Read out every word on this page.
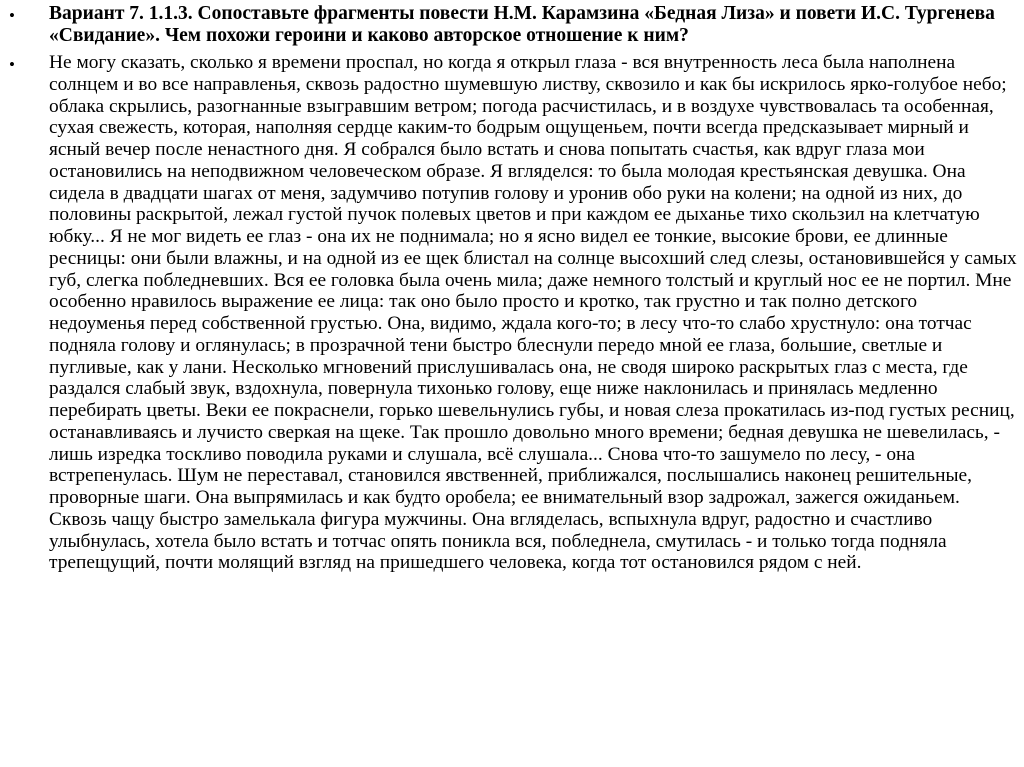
• Вариант 7. 1.1.3. Сопоставьте фрагменты повести Н.М. Карамзина «Бедная Лиза» и повети И.С. Тургенева «Свидание». Чем похожи героини и каково авторское отношение к ним?

• Не могу сказать, сколько я времени проспал, но когда я открыл глаза - вся внутренность леса была наполнена солнцем и во все направленья, сквозь радостно шумевшую листву, сквозило и как бы искрилось ярко-голубое небо; облака скрылись, разогнанные взыгравшим ветром; погода расчистилась, и в воздухе чувствовалась та особенная, сухая свежесть, которая, наполняя сердце каким-то бодрым ощущеньем, почти всегда предсказывает мирный и ясный вечер после ненастного дня. Я собрался было встать и снова попытать счастья, как вдруг глаза мои остановились на неподвижном человеческом образе. Я вгляделся: то была молодая крестьянская девушка. Она сидела в двадцати шагах от меня, задумчиво потупив голову и уронив обо руки на колени; на одной из них, до половины раскрытой, лежал густой пучок полевых цветов и при каждом ее дыханье тихо скользил на клетчатую юбку... Я не мог видеть ее глаз - она их не поднимала; но я ясно видел ее тонкие, высокие брови, ее длинные ресницы: они были влажны, и на одной из ее щек блистал на солнце высохший след слезы, остановившейся у самых губ, слегка побледневших. Вся ее головка была очень мила; даже немного толстый и круглый нос ее не портил. Мне особенно нравилось выражение ее лица: так оно было просто и кротко, так грустно и так полно детского недоуменья перед собственной грустью. Она, видимо, ждала кого-то; в лесу что-то слабо хрустнуло: она тотчас подняла голову и оглянулась; в прозрачной тени быстро блеснули передо мной ее глаза, большие, светлые и пугливые, как у лани. Несколько мгновений прислушивалась она, не сводя широко раскрытых глаз с места, где раздался слабый звук, вздохнула, повернула тихонько голову, еще ниже наклонилась и принялась медленно перебирать цветы. Веки ее покраснели, горько шевельнулись губы, и новая слеза прокатилась из-под густых ресниц, останавливаясь и лучисто сверкая на щеке. Так прошло довольно много времени; бедная девушка не шевелилась, - лишь изредка тоскливо поводила руками и слушала, всё слушала... Снова что-то зашумело по лесу, - она встрепенулась. Шум не переставал, становился явственней, приближался, послышались наконец решительные, проворные шаги. Она выпрямилась и как будто оробела; ее внимательный взор задрожал, зажегся ожиданьем. Сквозь чащу быстро замелькала фигура мужчины. Она вгляделась, вспыхнула вдруг, радостно и счастливо улыбнулась, хотела было встать и тотчас опять поникла вся, побледнела, смутилась - и только тогда подняла трепещущий, почти молящий взгляд на пришедшего человека, когда тот остановился рядом с ней.
